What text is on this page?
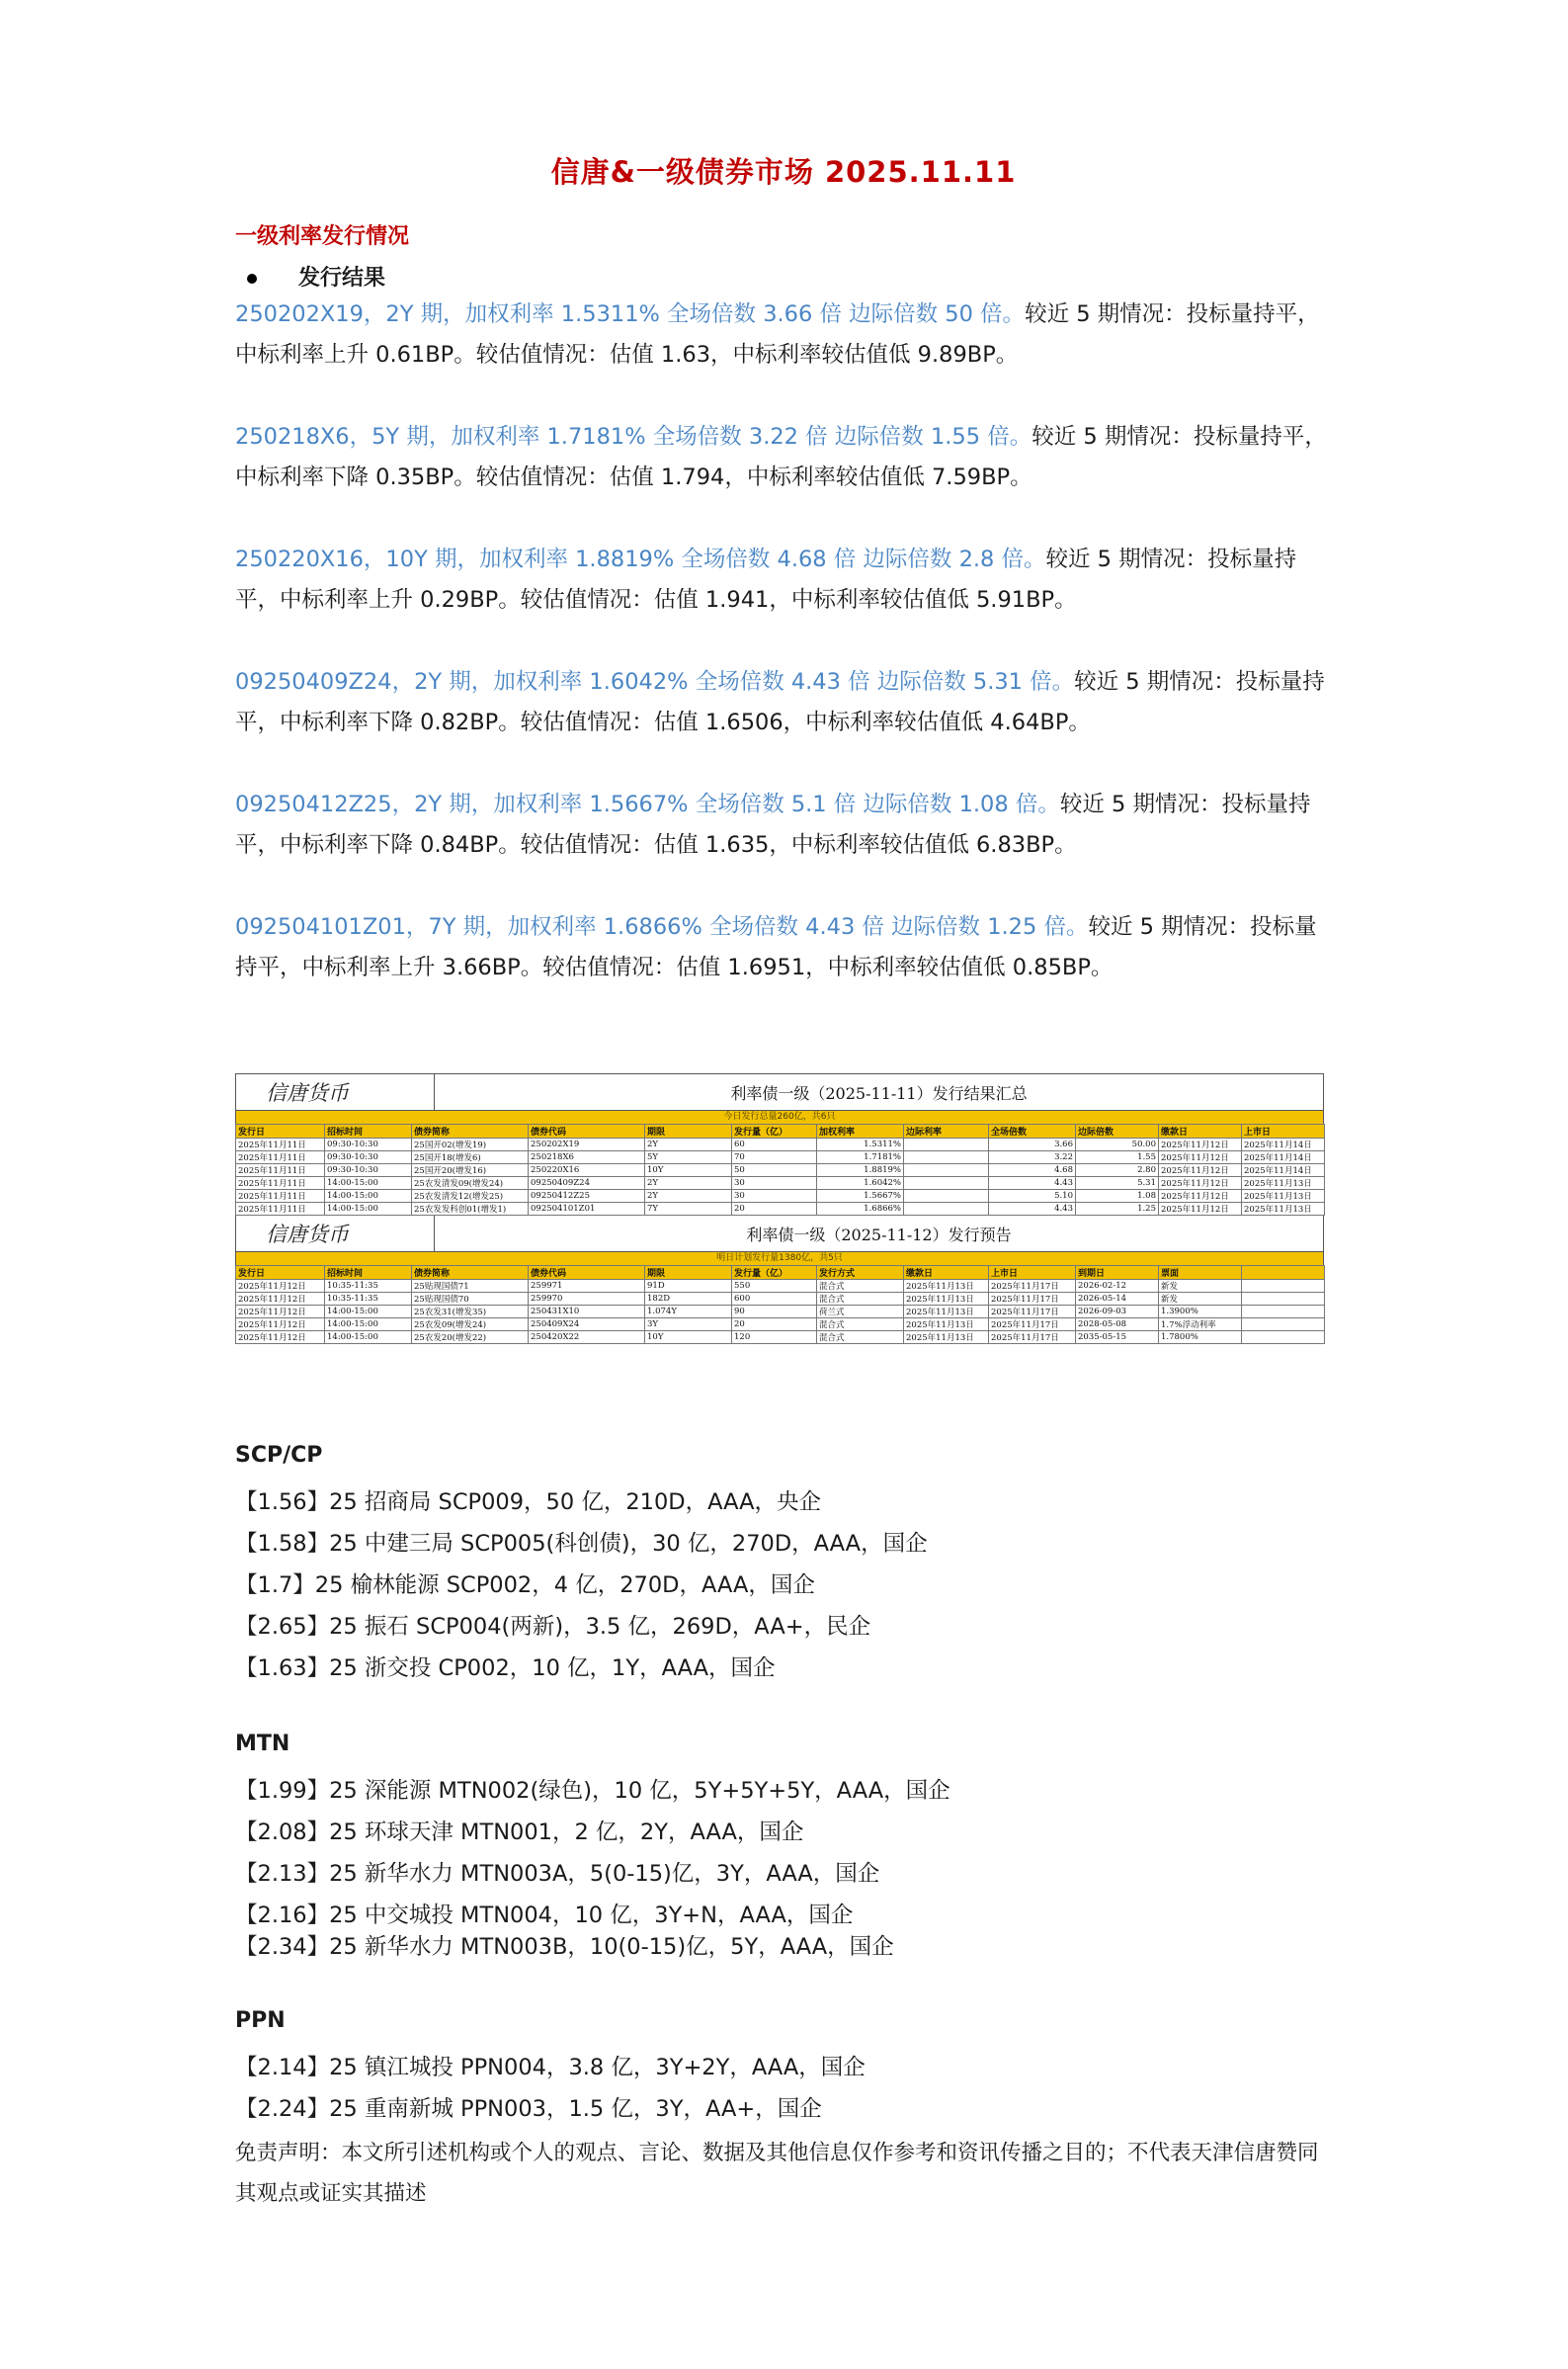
信唐&一级债券市场 2025.11.11
一级利率发行情况
发行结果
250202X19，2Y 期，加权利率 1.5311% 全场倍数 3.66 倍 边际倍数 50 倍。较近 5 期情况：投标量持平，中标利率上升 0.61BP。较估值情况：估值 1.63，中标利率较估值低 9.89BP。
250218X6，5Y 期，加权利率 1.7181% 全场倍数 3.22 倍 边际倍数 1.55 倍。较近 5 期情况：投标量持平，中标利率下降 0.35BP。较估值情况：估值 1.794，中标利率较估值低 7.59BP。
250220X16，10Y 期，加权利率 1.8819% 全场倍数 4.68 倍 边际倍数 2.8 倍。较近 5 期情况：投标量持平，中标利率上升 0.29BP。较估值情况：估值 1.941，中标利率较估值低 5.91BP。
09250409Z24，2Y 期，加权利率 1.6042% 全场倍数 4.43 倍 边际倍数 5.31 倍。较近 5 期情况：投标量持平，中标利率下降 0.82BP。较估值情况：估值 1.6506，中标利率较估值低 4.64BP。
09250412Z25，2Y 期，加权利率 1.5667% 全场倍数 5.1 倍 边际倍数 1.08 倍。较近 5 期情况：投标量持平，中标利率下降 0.84BP。较估值情况：估值 1.635，中标利率较估值低 6.83BP。
092504101Z01，7Y 期，加权利率 1.6866% 全场倍数 4.43 倍 边际倍数 1.25 倍。较近 5 期情况：投标量持平，中标利率上升 3.66BP。较估值情况：估值 1.6951，中标利率较估值低 0.85BP。
信唐货币	利率债一级（2025-11-11）发行结果汇总
今日发行总量260亿，共6只
发行日	招标时间	债券简称	债券代码	期限	发行量（亿）	加权利率	边际利率	全场倍数	边际倍数	缴款日	上市日
2025年11月11日	09:30-10:30	25国开02(增发19)	250202X19	2Y	60	1.5311%		3.66	50.00	2025年11月12日	2025年11月14日
2025年11月11日	09:30-10:30	25国开18(增发6)	250218X6	5Y	70	1.7181%		3.22	1.55	2025年11月12日	2025年11月14日
2025年11月11日	09:30-10:30	25国开20(增发16)	250220X16	10Y	50	1.8819%		4.68	2.80	2025年11月12日	2025年11月14日
2025年11月11日	14:00-15:00	25农发清发09(增发24)	09250409Z24	2Y	30	1.6042%		4.43	5.31	2025年11月12日	2025年11月13日
2025年11月11日	14:00-15:00	25农发清发12(增发25)	09250412Z25	2Y	30	1.5667%		5.10	1.08	2025年11月12日	2025年11月13日
2025年11月11日	14:00-15:00	25农发发科创01(增发1)	092504101Z01	7Y	20	1.6866%		4.43	1.25	2025年11月12日	2025年11月13日
信唐货币	利率债一级（2025-11-12）发行预告
明日计划发行量1380亿，共5只
发行日	招标时间	债券简称	债券代码	期限	发行量（亿）	发行方式	缴款日	上市日	到期日	票面	
2025年11月12日	10:35-11:35	25贴现国债71	259971	91D	550	混合式	2025年11月13日	2025年11月17日	2026-02-12	新发	
2025年11月12日	10:35-11:35	25贴现国债70	259970	182D	600	混合式	2025年11月13日	2025年11月17日	2026-05-14	新发	
2025年11月12日	14:00-15:00	25农发31(增发35)	250431X10	1.074Y	90	荷兰式	2025年11月13日	2025年11月17日	2026-09-03	1.3900%	
2025年11月12日	14:00-15:00	25农发09(增发24)	250409X24	3Y	20	混合式	2025年11月13日	2025年11月17日	2028-05-08	1.7%浮动利率	
2025年11月12日	14:00-15:00	25农发20(增发22)	250420X22	10Y	120	混合式	2025年11月13日	2025年11月17日	2035-05-15	1.7800%	
SCP/CP
【1.56】25 招商局 SCP009，50 亿，210D，AAA，央企
【1.58】25 中建三局 SCP005(科创债)，30 亿，270D，AAA，国企
【1.7】25 榆林能源 SCP002，4 亿，270D，AAA，国企
【2.65】25 振石 SCP004(两新)，3.5 亿，269D，AA+，民企
【1.63】25 浙交投 CP002，10 亿，1Y，AAA，国企
MTN
【1.99】25 深能源 MTN002(绿色)，10 亿，5Y+5Y+5Y，AAA，国企
【2.08】25 环球天津 MTN001，2 亿，2Y，AAA，国企
【2.13】25 新华水力 MTN003A，5(0-15)亿，3Y，AAA，国企
【2.16】25 中交城投 MTN004，10 亿，3Y+N，AAA，国企
【2.34】25 新华水力 MTN003B，10(0-15)亿，5Y，AAA，国企
PPN
【2.14】25 镇江城投 PPN004，3.8 亿，3Y+2Y，AAA，国企
【2.24】25 重南新城 PPN003，1.5 亿，3Y，AA+，国企
免责声明：本文所引述机构或个人的观点、言论、数据及其他信息仅作参考和资讯传播之目的；不代表天津信唐赞同其观点或证实其描述
